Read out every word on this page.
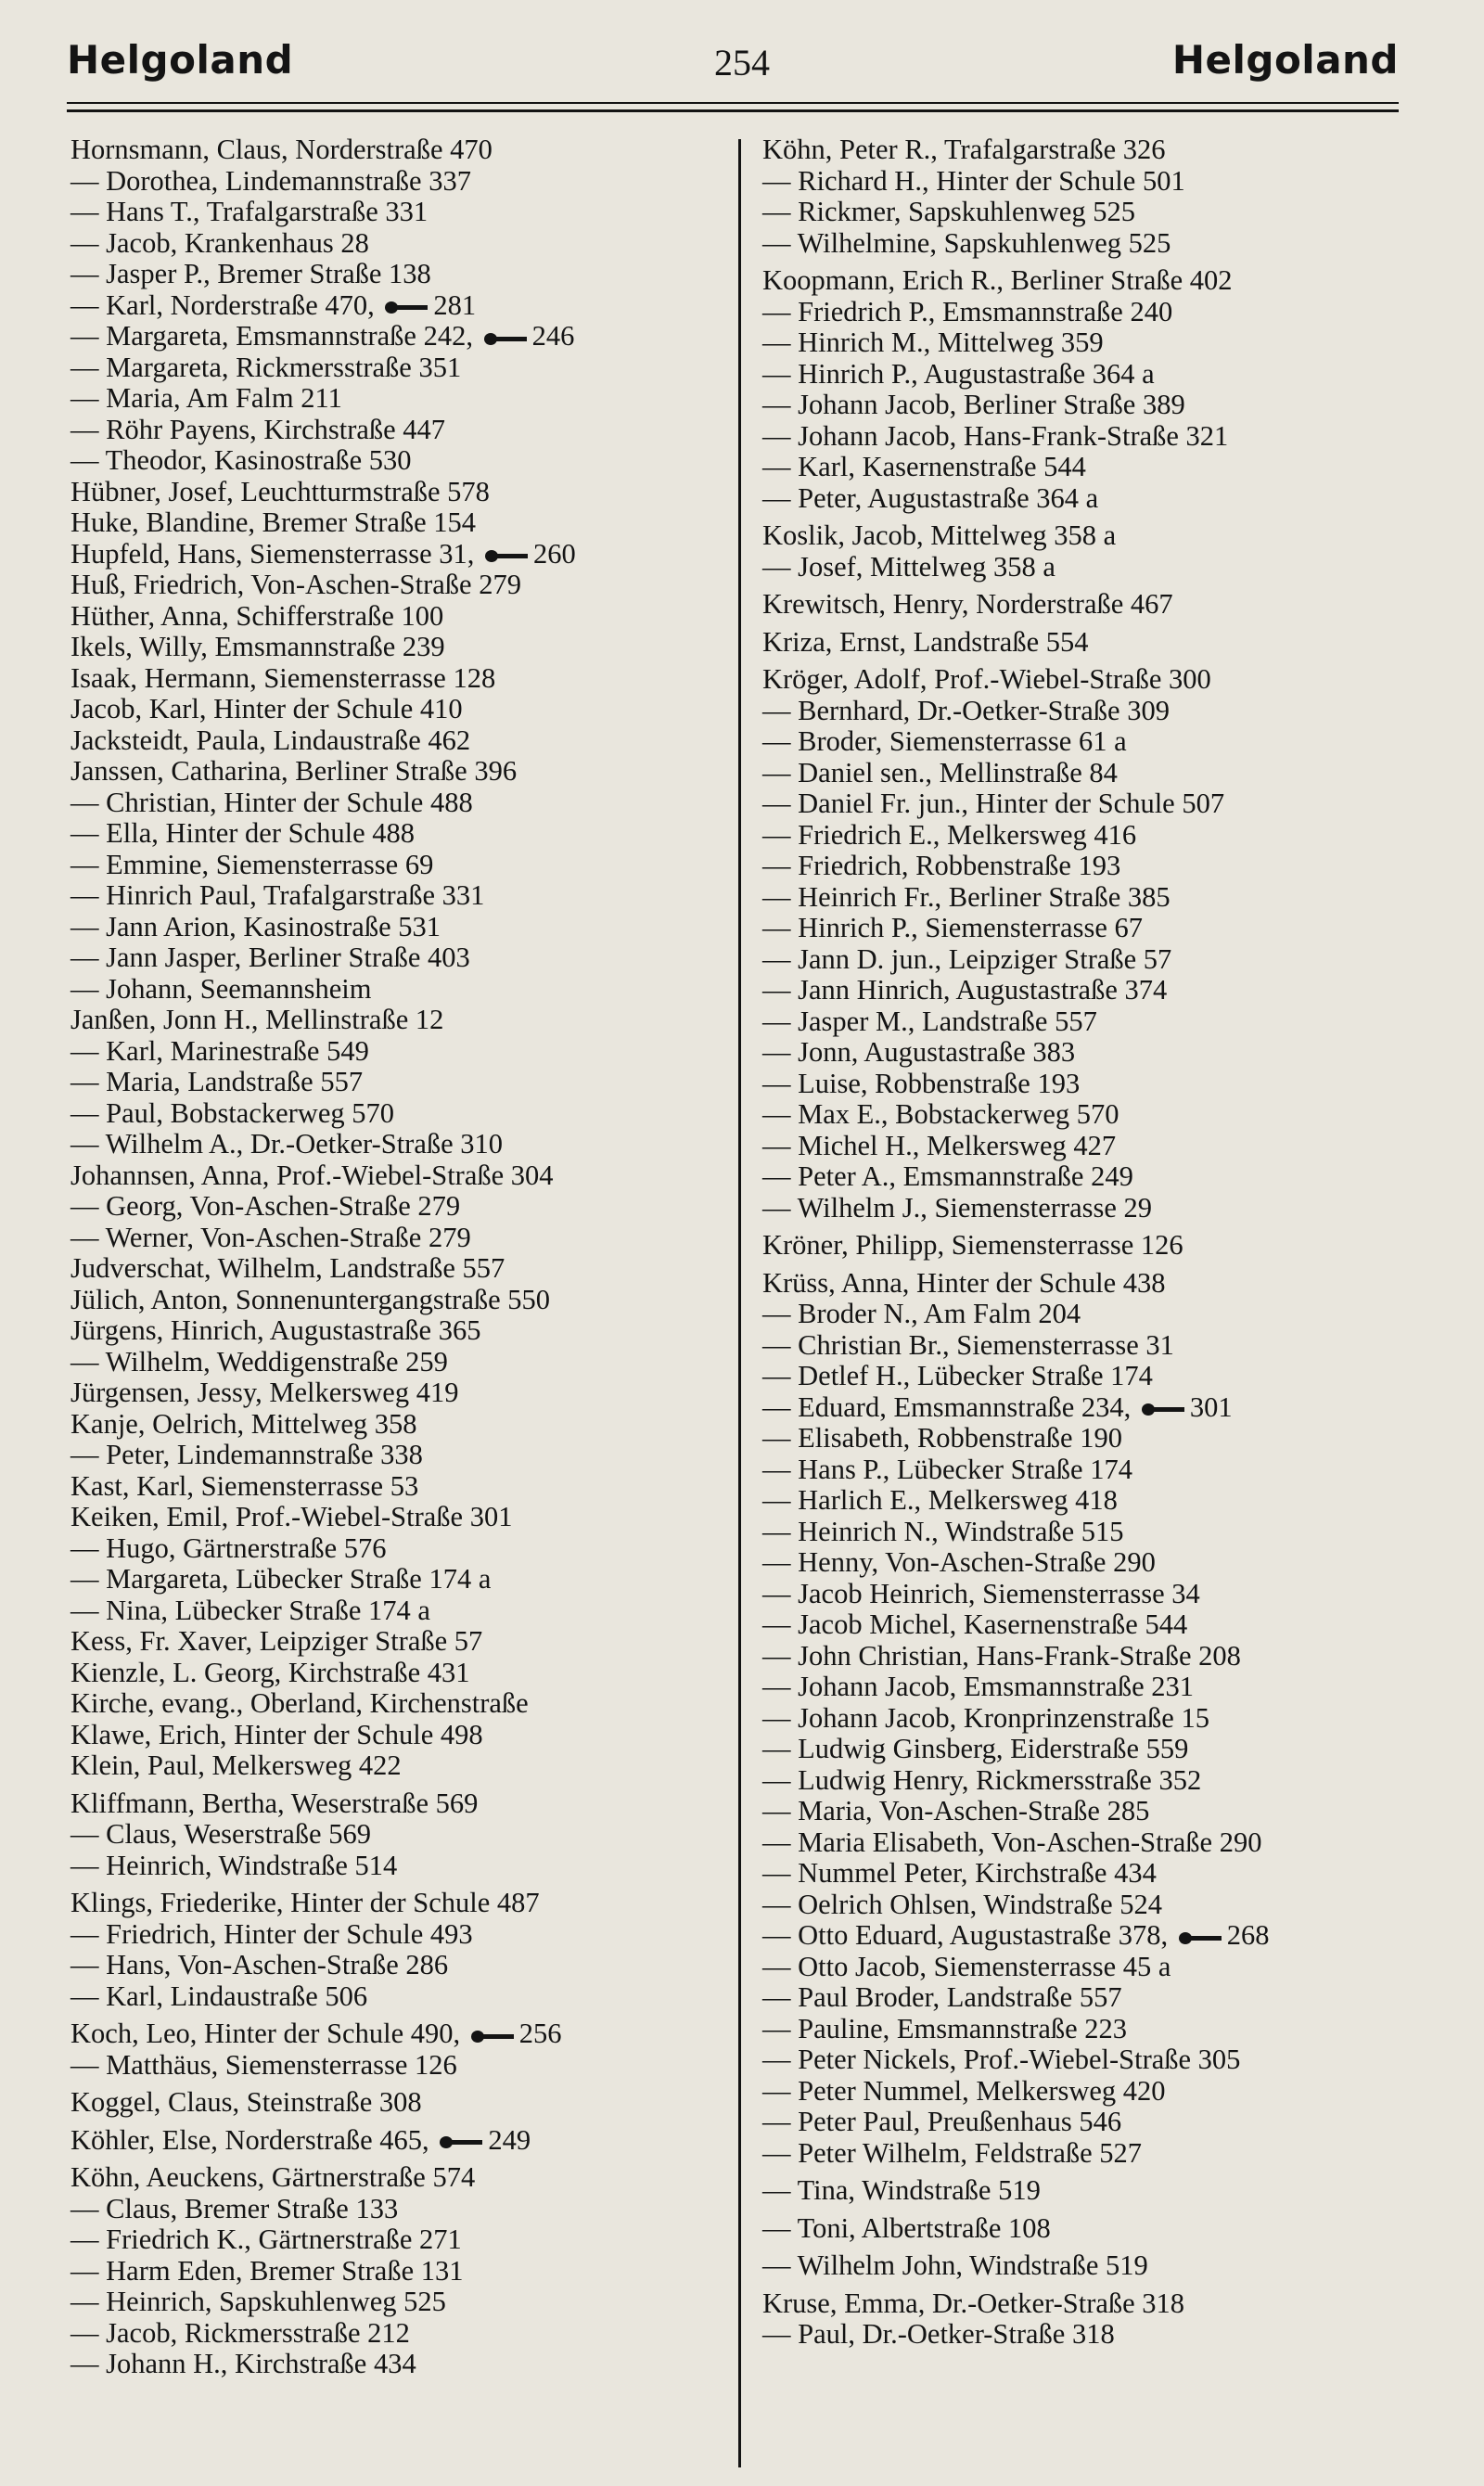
Helgoland	254	Helgoland
Hornsmann, Claus, Norderstraße 470
— Dorothea, Lindemannstraße 337
— Hans T., Trafalgarstraße 331
— Jacob, Krankenhaus 28
— Jasper P., Bremer Straße 138
— Karl, Norderstraße 470, 281
— Margareta, Emsmannstraße 242, 246
— Margareta, Rickmersstraße 351
— Maria, Am Falm 211
— Röhr Payens, Kirchstraße 447
— Theodor, Kasinostraße 530
Hübner, Josef, Leuchtturmstraße 578
Huke, Blandine, Bremer Straße 154
Hupfeld, Hans, Siemensterrasse 31, 260
Huß, Friedrich, Von-Aschen-Straße 279
Hüther, Anna, Schifferstraße 100
Ikels, Willy, Emsmannstraße 239
Isaak, Hermann, Siemensterrasse 128
Jacob, Karl, Hinter der Schule 410
Jacksteidt, Paula, Lindaustraße 462
Janssen, Catharina, Berliner Straße 396
— Christian, Hinter der Schule 488
— Ella, Hinter der Schule 488
— Emmine, Siemensterrasse 69
— Hinrich Paul, Trafalgarstraße 331
— Jann Arion, Kasinostraße 531
— Jann Jasper, Berliner Straße 403
— Johann, Seemannsheim
Janßen, Jonn H., Mellinstraße 12
— Karl, Marinestraße 549
— Maria, Landstraße 557
— Paul, Bobstackerweg 570
— Wilhelm A., Dr.-Oetker-Straße 310
Johannsen, Anna, Prof.-Wiebel-Straße 304
— Georg, Von-Aschen-Straße 279
— Werner, Von-Aschen-Straße 279
Judverschat, Wilhelm, Landstraße 557
Jülich, Anton, Sonnenuntergangstraße 550
Jürgens, Hinrich, Augustastraße 365
— Wilhelm, Weddigenstraße 259
Jürgensen, Jessy, Melkersweg 419
Kanje, Oelrich, Mittelweg 358
— Peter, Lindemannstraße 338
Kast, Karl, Siemensterrasse 53
Keiken, Emil, Prof.-Wiebel-Straße 301
— Hugo, Gärtnerstraße 576
— Margareta, Lübecker Straße 174 a
— Nina, Lübecker Straße 174 a
Kess, Fr. Xaver, Leipziger Straße 57
Kienzle, L. Georg, Kirchstraße 431
Kirche, evang., Oberland, Kirchenstraße
Klawe, Erich, Hinter der Schule 498
Klein, Paul, Melkersweg 422
Kliffmann, Bertha, Weserstraße 569
— Claus, Weserstraße 569
— Heinrich, Windstraße 514
Klings, Friederike, Hinter der Schule 487
— Friedrich, Hinter der Schule 493
— Hans, Von-Aschen-Straße 286
— Karl, Lindaustraße 506
Koch, Leo, Hinter der Schule 490, 256
— Matthäus, Siemensterrasse 126
Koggel, Claus, Steinstraße 308
Köhler, Else, Norderstraße 465, 249
Köhn, Aeuckens, Gärtnerstraße 574
— Claus, Bremer Straße 133
— Friedrich K., Gärtnerstraße 271
— Harm Eden, Bremer Straße 131
— Heinrich, Sapskuhlenweg 525
— Jacob, Rickmersstraße 212
— Johann H., Kirchstraße 434
Köhn, Peter R., Trafalgarstraße 326
— Richard H., Hinter der Schule 501
— Rickmer, Sapskuhlenweg 525
— Wilhelmine, Sapskuhlenweg 525
Koopmann, Erich R., Berliner Straße 402
— Friedrich P., Emsmannstraße 240
— Hinrich M., Mittelweg 359
— Hinrich P., Augustastraße 364 a
— Johann Jacob, Berliner Straße 389
— Johann Jacob, Hans-Frank-Straße 321
— Karl, Kasernenstraße 544
— Peter, Augustastraße 364 a
Koslik, Jacob, Mittelweg 358 a
— Josef, Mittelweg 358 a
Krewitsch, Henry, Norderstraße 467
Kriza, Ernst, Landstraße 554
Kröger, Adolf, Prof.-Wiebel-Straße 300
— Bernhard, Dr.-Oetker-Straße 309
— Broder, Siemensterrasse 61 a
— Daniel sen., Mellinstraße 84
— Daniel Fr. jun., Hinter der Schule 507
— Friedrich E., Melkersweg 416
— Friedrich, Robbenstraße 193
— Heinrich Fr., Berliner Straße 385
— Hinrich P., Siemensterrasse 67
— Jann D. jun., Leipziger Straße 57
— Jann Hinrich, Augustastraße 374
— Jasper M., Landstraße 557
— Jonn, Augustastraße 383
— Luise, Robbenstraße 193
— Max E., Bobstackerweg 570
— Michel H., Melkersweg 427
— Peter A., Emsmannstraße 249
— Wilhelm J., Siemensterrasse 29
Kröner, Philipp, Siemensterrasse 126
Krüss, Anna, Hinter der Schule 438
— Broder N., Am Falm 204
— Christian Br., Siemensterrasse 31
— Detlef H., Lübecker Straße 174
— Eduard, Emsmannstraße 234, 301
— Elisabeth, Robbenstraße 190
— Hans P., Lübecker Straße 174
— Harlich E., Melkersweg 418
— Heinrich N., Windstraße 515
— Henny, Von-Aschen-Straße 290
— Jacob Heinrich, Siemensterrasse 34
— Jacob Michel, Kasernenstraße 544
— John Christian, Hans-Frank-Straße 208
— Johann Jacob, Emsmannstraße 231
— Johann Jacob, Kronprinzenstraße 15
— Ludwig Ginsberg, Eiderstraße 559
— Ludwig Henry, Rickmersstraße 352
— Maria, Von-Aschen-Straße 285
— Maria Elisabeth, Von-Aschen-Straße 290
— Nummel Peter, Kirchstraße 434
— Oelrich Ohlsen, Windstraße 524
— Otto Eduard, Augustastraße 378, 268
— Otto Jacob, Siemensterrasse 45 a
— Paul Broder, Landstraße 557
— Pauline, Emsmannstraße 223
— Peter Nickels, Prof.-Wiebel-Straße 305
— Peter Nummel, Melkersweg 420
— Peter Paul, Preußenhaus 546
— Peter Wilhelm, Feldstraße 527
— Tina, Windstraße 519
— Toni, Albertstraße 108
— Wilhelm John, Windstraße 519
Kruse, Emma, Dr.-Oetker-Straße 318
— Paul, Dr.-Oetker-Straße 318
